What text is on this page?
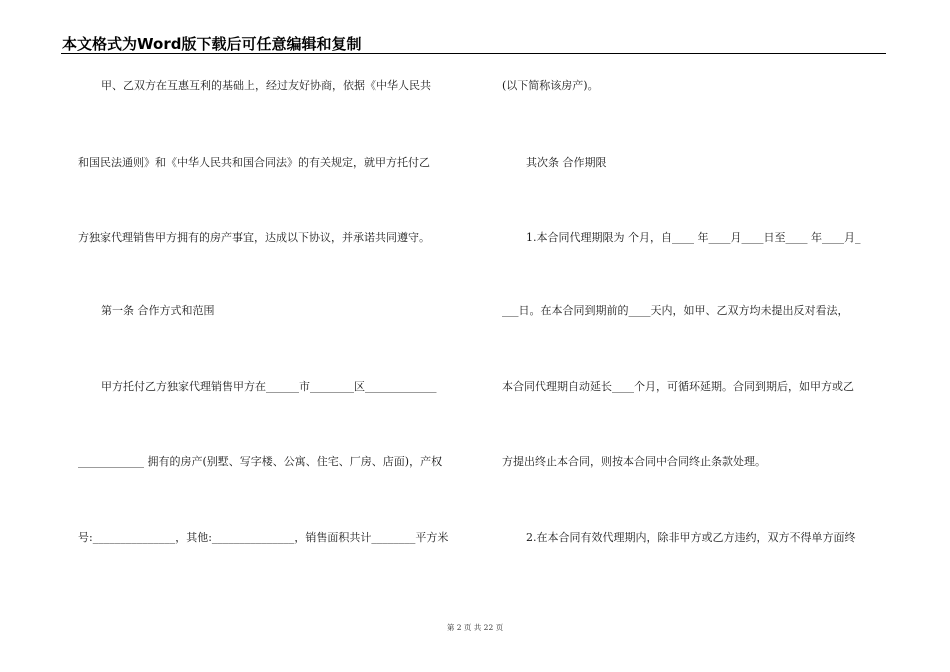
本文格式为Word版下载后可任意编辑和复制
甲、乙双方在互惠互利的基础上，经过友好协商，依据《中华人民共
和国民法通则》和《中华人民共和国合同法》的有关规定，就甲方托付乙
方独家代理销售甲方拥有的房产事宜，达成以下协议，并承诺共同遵守。
第一条 合作方式和范围
甲方托付乙方独家代理销售甲方在______市________区_____________
____________ 拥有的房产(别墅、写字楼、公寓、住宅、厂房、店面)，产权
号:_______________，其他:_______________，销售面积共计________平方米
(以下简称该房产)。
其次条 合作期限
1.本合同代理期限为 个月，自____ 年____月____日至____ 年____月_
___日。在本合同到期前的____天内，如甲、乙双方均未提出反对看法，
本合同代理期自动延长____个月，可循环延期。合同到期后，如甲方或乙
方提出终止本合同，则按本合同中合同终止条款处理。
2.在本合同有效代理期内，除非甲方或乙方违约，双方不得单方面终
第 2 页 共 22 页
